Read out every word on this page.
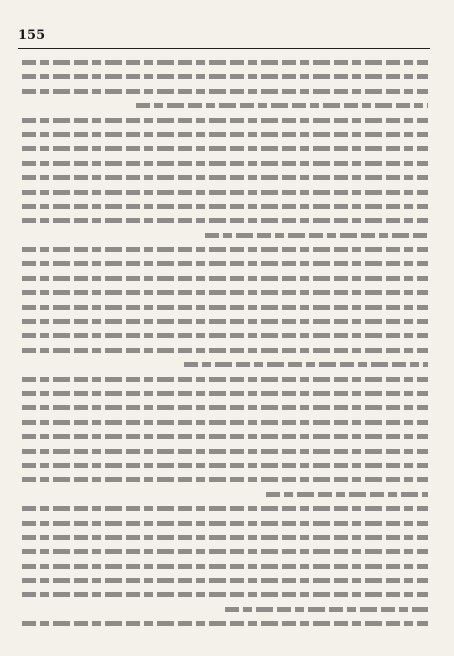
155
